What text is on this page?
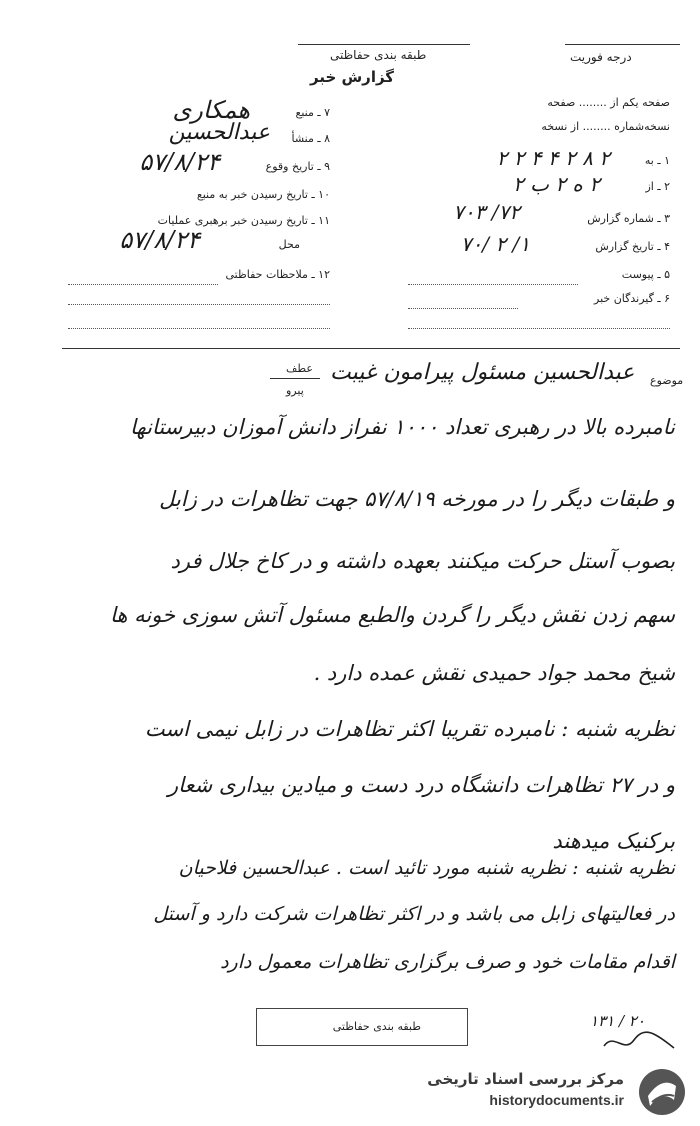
طبقه بندی حفاظتی
گزارش خبر
درجه فوریت
صفحه یکم از ........ صفحه
نسخه‌شماره ........ از نسخه
۱ ـ به
۲ ۸ ۲ ۴ ۴ ۲ ۲
۲ ـ از
۲ ه ۲ ب ۲
۳ ـ شماره گزارش
۷۲/ ۷۰۳
۴ ـ تاریخ گزارش
۱/ ۲ /۷۰
۵ ـ پیوست
۶ ـ گیرندگان خبر
۷ ـ منبع
همکاری
۸ ـ منشأ
عبدالحسین
۹ ـ تاریخ وقوع
۵۷/۸/۲۴
۱۰ ـ تاریخ رسیدن خبر به منبع
۱۱ ـ تاریخ رسیدن خبر برهبری عملیات
۵۷/۸/۲۴	محل
۱۲ ـ ملاحظات حفاظتی
موضوع
عبدالحسین مسئول پیرامون غیبت
عطف
پیرو
نامبرده بالا در رهبری تعداد ۱۰۰۰ نفراز دانش آموزان دبیرستانها
و طبقات دیگر را در مورخه ۵۷/۸/۱۹ جهت تظاهرات در زابل
بصوب آستل حرکت میکنند بعهده داشته و در کاخ جلال فرد
سهم زدن نقش دیگر را گردن والطبع مسئول آتش سوزی خونه ها
شیخ محمد جواد حمیدی نقش عمده دارد .
نظریه شنبه : نامبرده تقریبا اکثر تظاهرات در زابل نیمی است
و در ۲۷ تظاهرات دانشگاه درد دست و میادین بیداری شعار
برکنیک میدهند
نظریه شنبه : نظریه شنبه مورد تائید است . عبدالحسین فلاحیان
در فعالیتهای زابل می باشد و در اکثر تظاهرات شرکت دارد و آستل
اقدام مقامات خود و صرف برگزاری تظاهرات معمول دارد
طبقه بندی حفاظتی	۲۰ / ۱۳۱
مرکز بررسی اسناد تاریخی
historydocuments.ir
